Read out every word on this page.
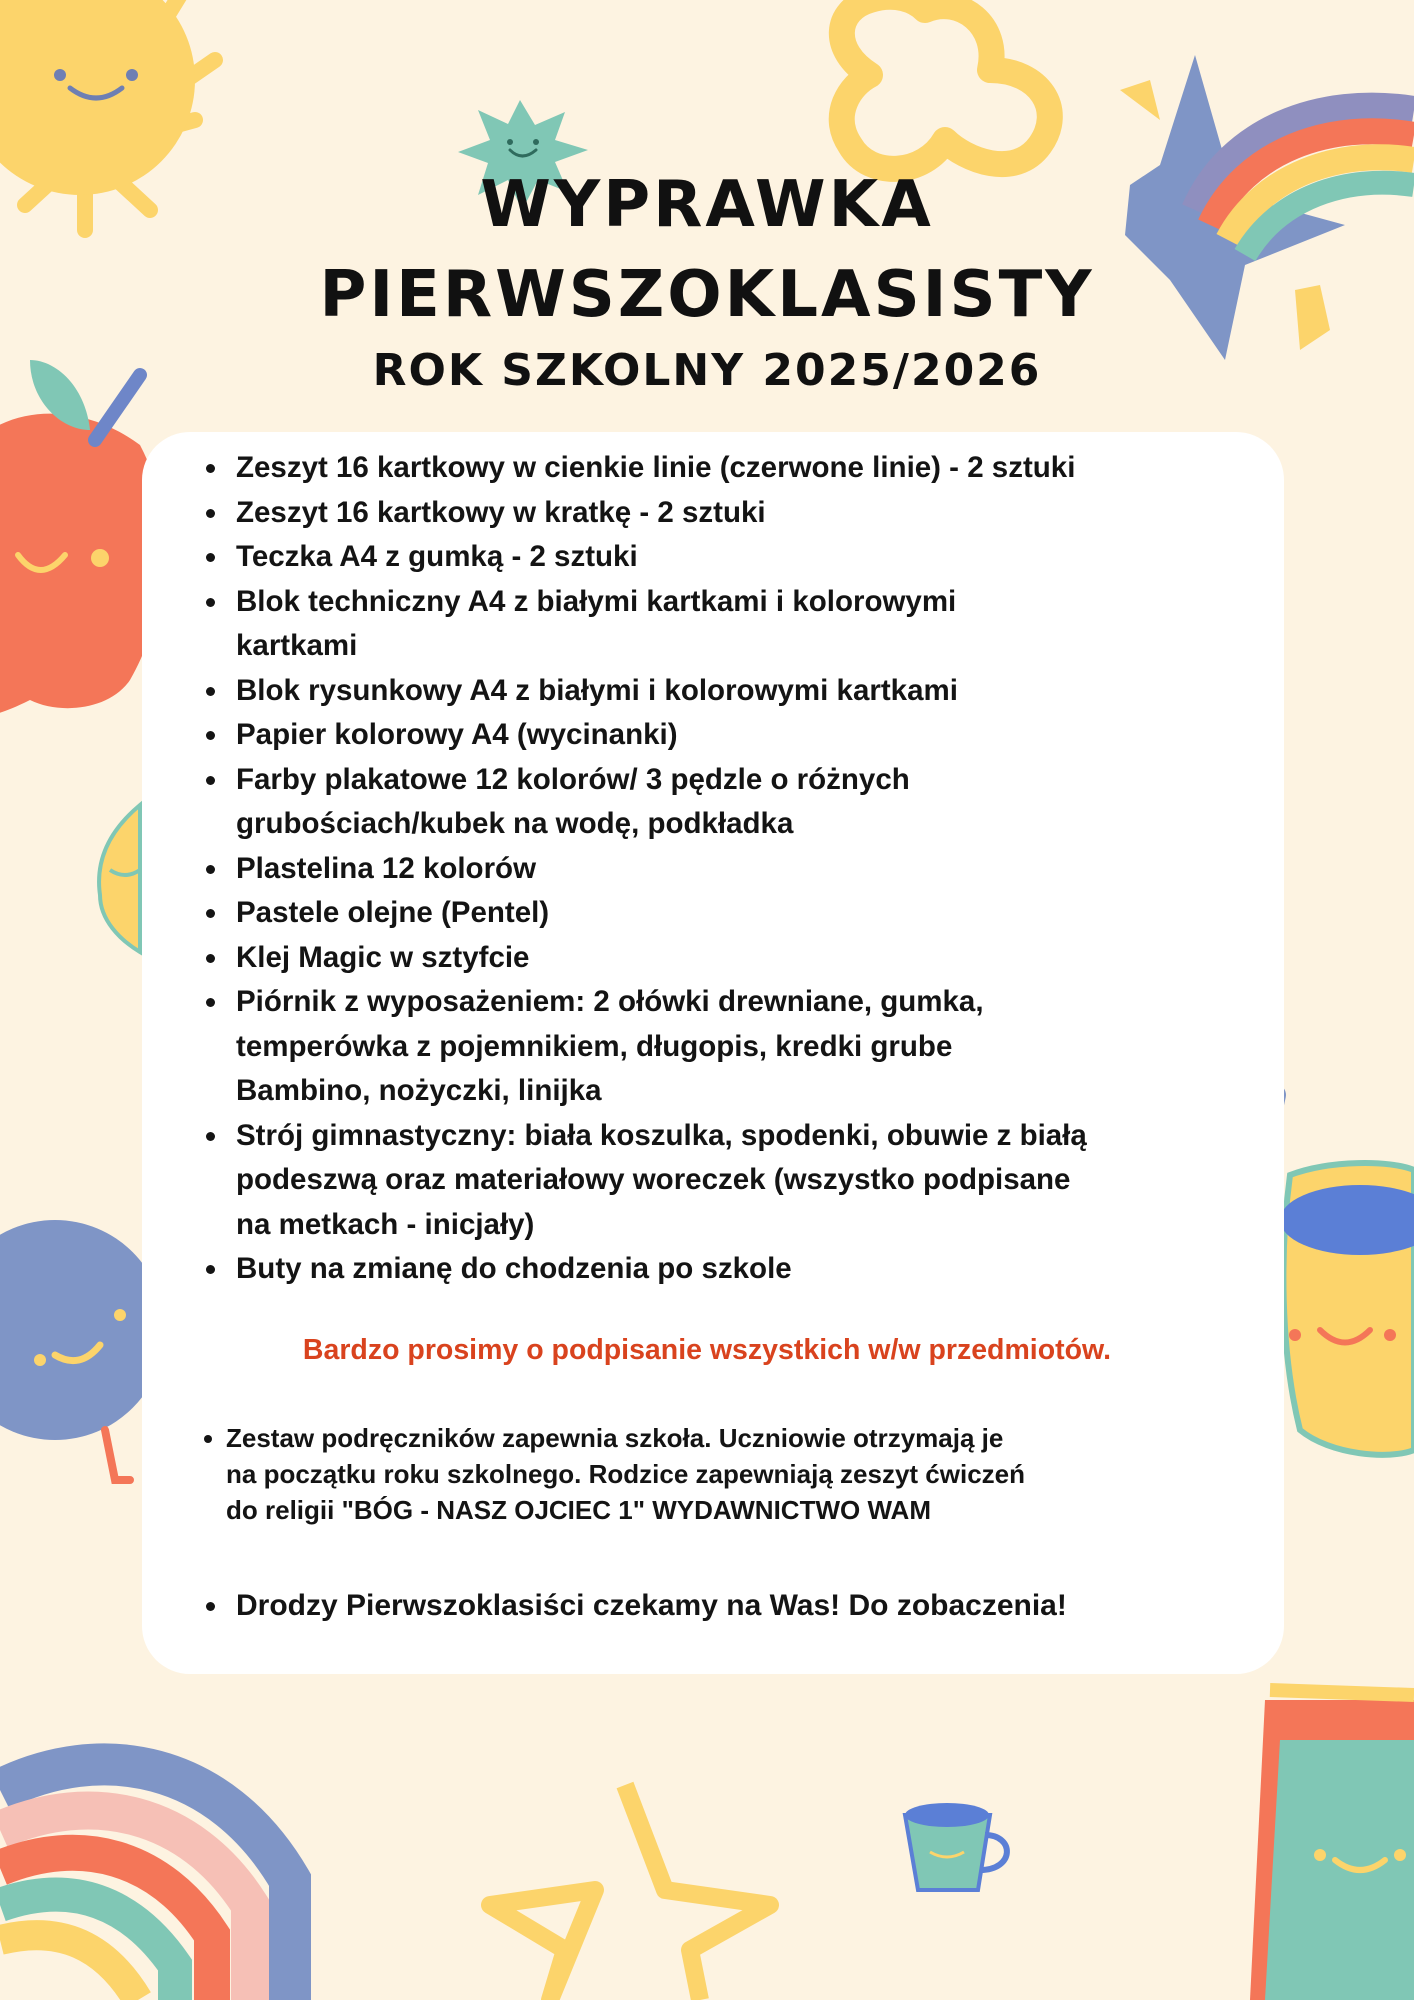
WYPRAWKA
PIERWSZOKLASISTY
ROK SZKOLNY 2025/2026
Zeszyt 16 kartkowy w cienkie linie (czerwone linie) - 2 sztuki
Zeszyt 16 kartkowy w kratkę - 2 sztuki
Teczka A4 z gumką - 2 sztuki
Blok techniczny A4 z białymi kartkami i kolorowymi
kartkami
Blok rysunkowy A4 z białymi i kolorowymi kartkami
Papier kolorowy A4 (wycinanki)
Farby plakatowe 12 kolorów/ 3 pędzle o różnych
grubościach/kubek na wodę, podkładka
Plastelina 12 kolorów
Pastele olejne (Pentel)
Klej Magic w sztyfcie
Piórnik z wyposażeniem: 2 ołówki drewniane, gumka,
temperówka z pojemnikiem, długopis, kredki grube
Bambino, nożyczki, linijka
Strój gimnastyczny: biała koszulka, spodenki, obuwie z białą
podeszwą oraz materiałowy woreczek (wszystko podpisane
na metkach - inicjały)
Buty na zmianę do chodzenia po szkole

Bardzo prosimy o podpisanie wszystkich w/w przedmiotów.

Zestaw podręczników zapewnia szkoła. Uczniowie otrzymają je
na początku roku szkolnego. Rodzice zapewniają zeszyt ćwiczeń
do religii "BÓG - NASZ OJCIEC 1" WYDAWNICTWO WAM

Drodzy Pierwszoklasiści czekamy na Was! Do zobaczenia!
